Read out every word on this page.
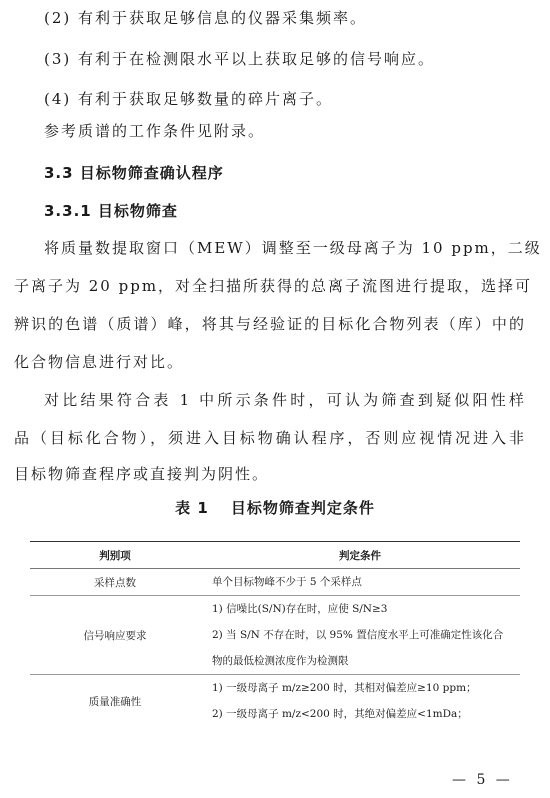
(2) 有利于获取足够信息的仪器采集频率。
(3) 有利于在检测限水平以上获取足够的信号响应。
(4) 有利于获取足够数量的碎片离子。
参考质谱的工作条件见附录。
3.3 目标物筛查确认程序
3.3.1 目标物筛查
将质量数提取窗口（MEW）调整至一级母离子为 10 ppm，二级
子离子为 20 ppm，对全扫描所获得的总离子流图进行提取，选择可
辨识的色谱（质谱）峰，将其与经验证的目标化合物列表（库）中的
化合物信息进行对比。
对比结果符合表 1 中所示条件时，可认为筛查到疑似阳性样
品（目标化合物），须进入目标物确认程序，否则应视情况进入非
目标物筛查程序或直接判为阴性。
表 1 目标物筛查判定条件
判别项	判定条件
采样点数	单个目标物峰不少于 5 个采样点

信号响应要求	1) 信噪比(S/N)存在时，应使 S/N≥3
2) 当 S/N 不存在时，以 95% 置信度水平上可准确定性该化合
物的最低检测浓度作为检测限

质量准确性	1) 一级母离子 m/z≥200 时，其相对偏差应≥10 ppm；
2) 一级母离子 m/z<200 时，其绝对偏差应<1mDa；
— 5 —
